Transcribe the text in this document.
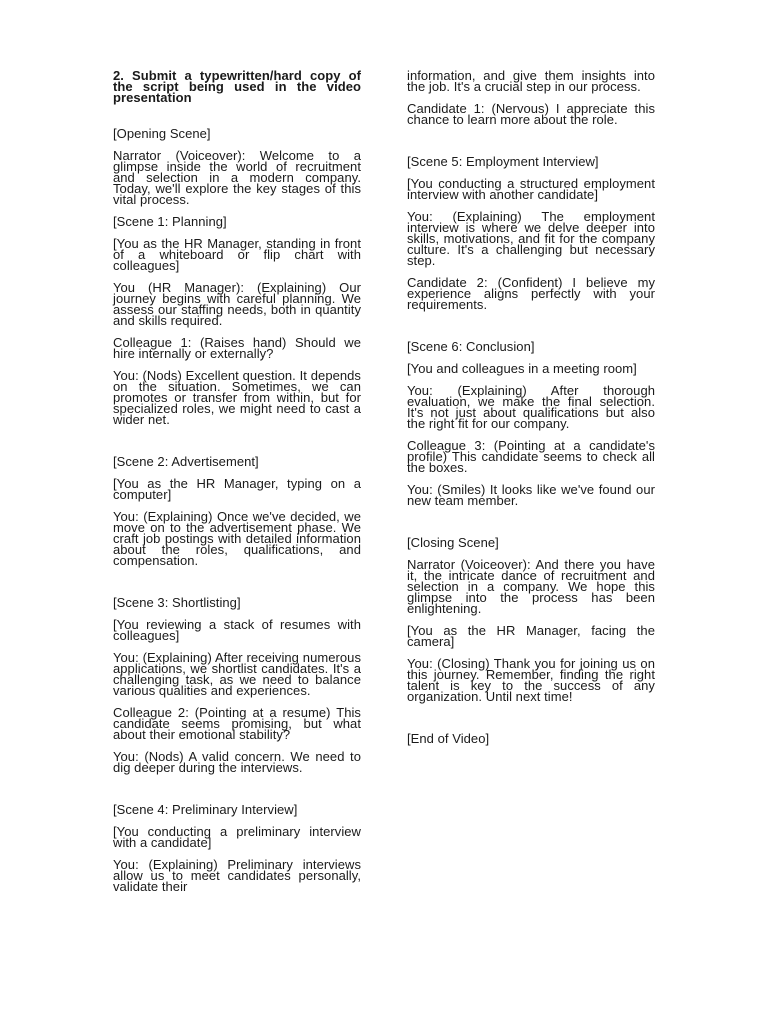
2. Submit a typewritten/hard copy of the script being used in the video presentation

[Opening Scene]

Narrator (Voiceover): Welcome to a glimpse inside the world of recruitment and selection in a modern company. Today, we'll explore the key stages of this vital process.

[Scene 1: Planning]

[You as the HR Manager, standing in front of a whiteboard or flip chart with colleagues]

You (HR Manager): (Explaining) Our journey begins with careful planning. We assess our staffing needs, both in quantity and skills required.

Colleague 1: (Raises hand) Should we hire internally or externally?

You: (Nods) Excellent question. It depends on the situation. Sometimes, we can promotes or transfer from within, but for specialized roles, we might need to cast a wider net.

[Scene 2: Advertisement]

[You as the HR Manager, typing on a computer]

You: (Explaining) Once we've decided, we move on to the advertisement phase. We craft job postings with detailed information about the roles, qualifications, and compensation.

[Scene 3: Shortlisting]

[You reviewing a stack of resumes with colleagues]

You: (Explaining) After receiving numerous applications, we shortlist candidates. It's a challenging task, as we need to balance various qualities and experiences.

Colleague 2: (Pointing at a resume) This candidate seems promising, but what about their emotional stability?

You: (Nods) A valid concern. We need to dig deeper during the interviews.

[Scene 4: Preliminary Interview]

[You conducting a preliminary interview with a candidate]

You: (Explaining) Preliminary interviews allow us to meet candidates personally, validate their

information, and give them insights into the job. It's a crucial step in our process.

Candidate 1: (Nervous) I appreciate this chance to learn more about the role.

[Scene 5: Employment Interview]

[You conducting a structured employment interview with another candidate]

You: (Explaining) The employment interview is where we delve deeper into skills, motivations, and fit for the company culture. It's a challenging but necessary step.

Candidate 2: (Confident) I believe my experience aligns perfectly with your requirements.

[Scene 6: Conclusion]

[You and colleagues in a meeting room]

You: (Explaining) After thorough evaluation, we make the final selection. It's not just about qualifications but also the right fit for our company.

Colleague 3: (Pointing at a candidate's profile) This candidate seems to check all the boxes.

You: (Smiles) It looks like we've found our new team member.

[Closing Scene]

Narrator (Voiceover): And there you have it, the intricate dance of recruitment and selection in a company. We hope this glimpse into the process has been enlightening.

[You as the HR Manager, facing the camera]

You: (Closing) Thank you for joining us on this journey. Remember, finding the right talent is key to the success of any organization. Until next time!

[End of Video]
